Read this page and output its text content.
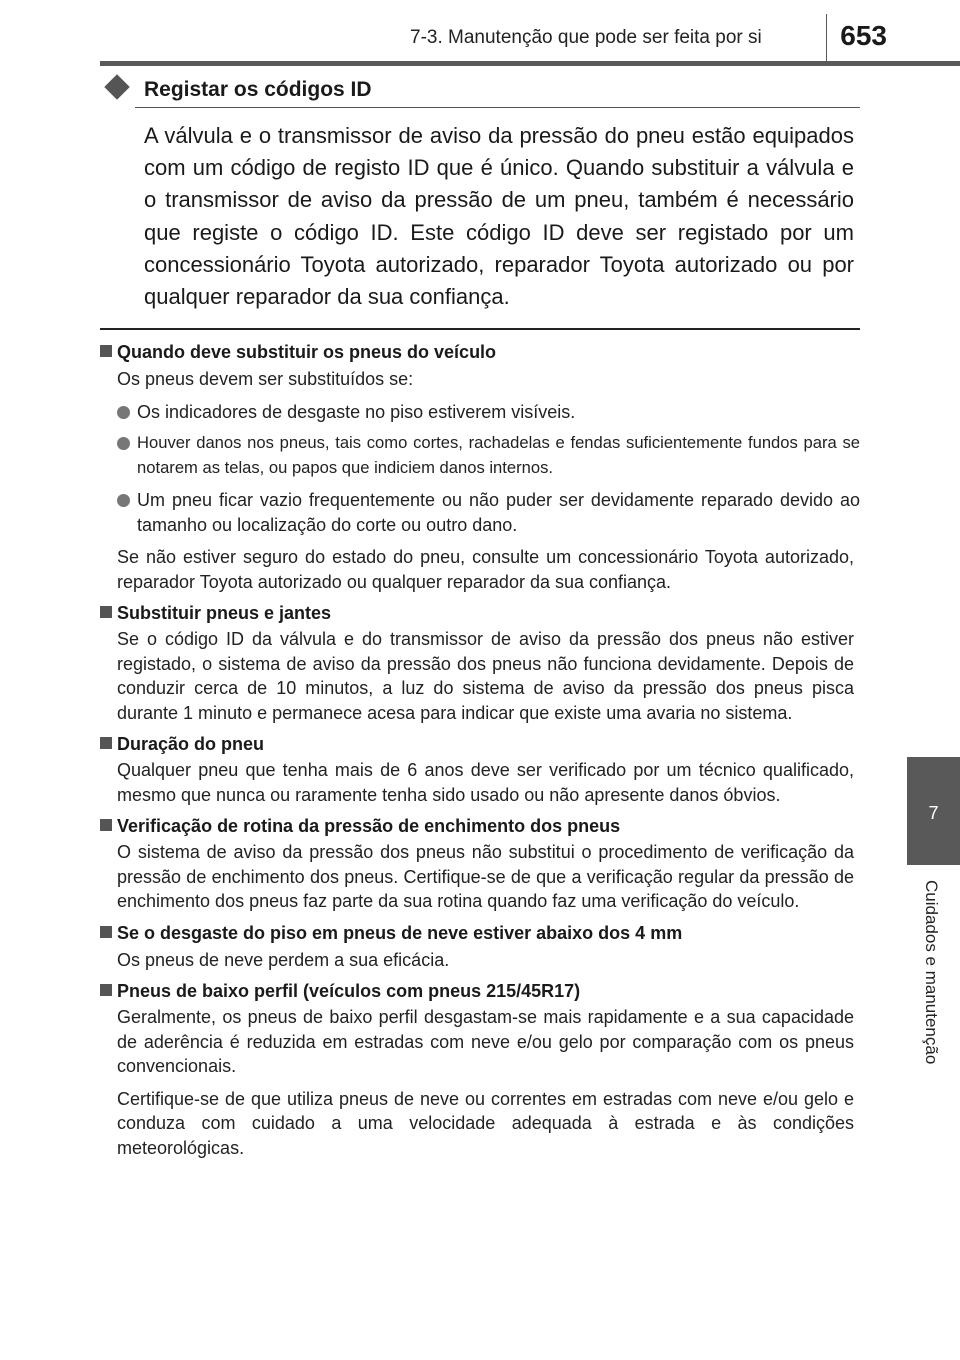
7-3. Manutenção que pode ser feita por si	653
7
Cuidados e manutenção
Registar os códigos ID
A válvula e o transmissor de aviso da pressão do pneu estão equipados com um código de registo ID que é único. Quando substituir a válvula e o transmissor de aviso da pressão de um pneu, também é necessário que registe o código ID. Este código ID deve ser registado por um concessionário Toyota autorizado, reparador Toyota autorizado ou por qualquer reparador da sua confiança.
Quando deve substituir os pneus do veículo
Os pneus devem ser substituídos se:
Os indicadores de desgaste no piso estiverem visíveis.
Houver danos nos pneus, tais como cortes, rachadelas e fendas suficientemente fundos para se notarem as telas, ou papos que indiciem danos internos.
Um pneu ficar vazio frequentemente ou não puder ser devidamente reparado devido ao tamanho ou localização do corte ou outro dano.
Se não estiver seguro do estado do pneu, consulte um concessionário Toyota autorizado, reparador Toyota autorizado ou qualquer reparador da sua confiança.
Substituir pneus e jantes
Se o código ID da válvula e do transmissor de aviso da pressão dos pneus não estiver registado, o sistema de aviso da pressão dos pneus não funciona devidamente. Depois de conduzir cerca de 10 minutos, a luz do sistema de aviso da pressão dos pneus pisca durante 1 minuto e permanece acesa para indicar que existe uma avaria no sistema.
Duração do pneu
Qualquer pneu que tenha mais de 6 anos deve ser verificado por um técnico qualificado, mesmo que nunca ou raramente tenha sido usado ou não apresente danos óbvios.
Verificação de rotina da pressão de enchimento dos pneus
O sistema de aviso da pressão dos pneus não substitui o procedimento de verificação da pressão de enchimento dos pneus. Certifique-se de que a verificação regular da pressão de enchimento dos pneus faz parte da sua rotina quando faz uma verificação do veículo.
Se o desgaste do piso em pneus de neve estiver abaixo dos 4 mm
Os pneus de neve perdem a sua eficácia.
Pneus de baixo perfil (veículos com pneus 215/45R17)
Geralmente, os pneus de baixo perfil desgastam-se mais rapidamente e a sua capacidade de aderência é reduzida em estradas com neve e/ou gelo por comparação com os pneus convencionais.
Certifique-se de que utiliza pneus de neve ou correntes em estradas com neve e/ou gelo e conduza com cuidado a uma velocidade adequada à estrada e às condições meteorológicas.
